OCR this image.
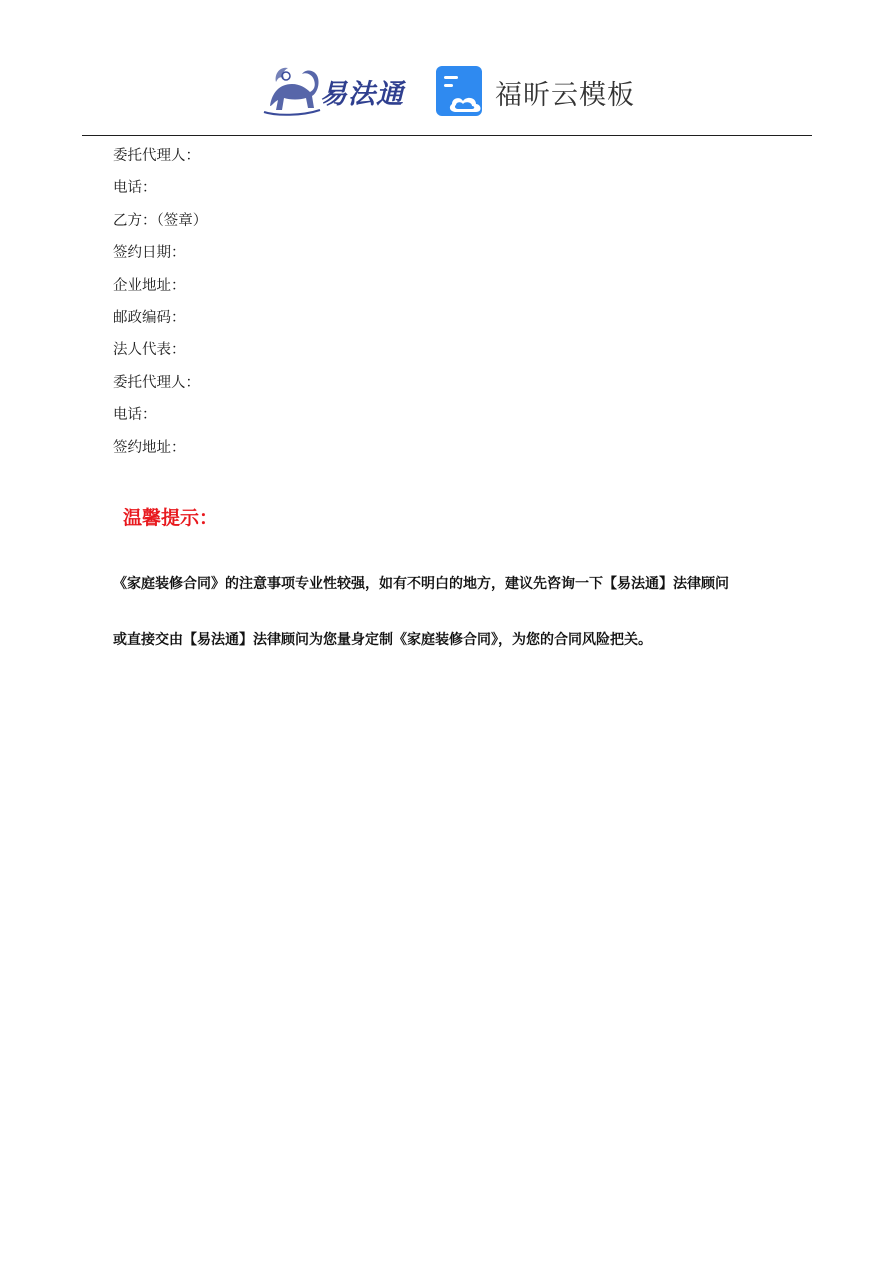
易法通	福昕云模板
委托代理人：
电话：
乙方：（签章）
签约日期：
企业地址：
邮政编码：
法人代表：
委托代理人：
电话：
签约地址：
温馨提示：
《家庭装修合同》的注意事项专业性较强，如有不明白的地方，建议先咨询一下【易法通】法律顾问
或直接交由【易法通】法律顾问为您量身定制《家庭装修合同》，为您的合同风险把关。
